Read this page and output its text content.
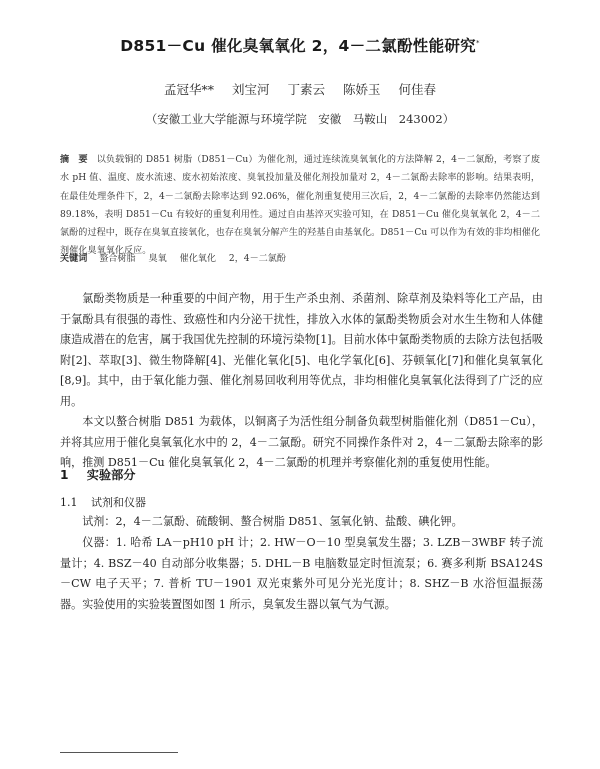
D851－Cu 催化臭氧氧化 2，4－二氯酚性能研究*
孟冠华** 刘宝河 丁素云 陈娇玉 何佳春
（安徽工业大学能源与环境学院　安徽　马鞍山　243002）
摘　要 以负载铜的 D851 树脂（D851－Cu）为催化剂，通过连续流臭氧氧化的方法降解 2，4－二氯酚，考察了废水 pH 值、温度、废水流速、废水初始浓度、臭氧投加量及催化剂投加量对 2，4－二氯酚去除率的影响。结果表明，在最佳处理条件下，2，4－二氯酚去除率达到 92.06%，催化剂重复使用三次后，2，4－二氯酚的去除率仍然能达到 89.18%，表明 D851－Cu 有较好的重复利用性。通过自由基淬灭实验可知，在 D851－Cu 催化臭氧氧化 2，4－二氯酚的过程中，既存在臭氧直接氧化，也存在臭氧分解产生的羟基自由基氧化。D851－Cu 可以作为有效的非均相催化剂催化臭氧氧化反应。
关键词 螯合树脂 臭氧 催化氧化 2，4－二氯酚
氯酚类物质是一种重要的中间产物，用于生产杀虫剂、杀菌剂、除草剂及染料等化工产品，由于氯酚具有很强的毒性、致癌性和内分泌干扰性，排放入水体的氯酚类物质会对水生生物和人体健康造成潜在的危害，属于我国优先控制的环境污染物[1]。目前水体中氯酚类物质的去除方法包括吸附[2]、萃取[3]、微生物降解[4]、光催化氧化[5]、电化学氧化[6]、芬顿氧化[7]和催化臭氧氧化[8,9]。其中，由于氧化能力强、催化剂易回收利用等优点，非均相催化臭氧氧化法得到了广泛的应用。
本文以螯合树脂 D851 为载体，以铜离子为活性组分制备负载型树脂催化剂（D851－Cu），并将其应用于催化臭氧氧化水中的 2，4－二氯酚。研究不同操作条件对 2，4－二氯酚去除率的影响，推测 D851－Cu 催化臭氧氧化 2，4－二氯酚的机理并考察催化剂的重复使用性能。
1 实验部分
1.1 试剂和仪器
试剂：2，4－二氯酚、硫酸铜、螯合树脂 D851、氢氧化钠、盐酸、碘化钾。
仪器：1. 哈希 LA－pH10 pH 计；2. HW－O－10 型臭氧发生器；3. LZB－3WBF 转子流量计；4. BSZ－40 自动部分收集器；5. DHL－B 电脑数显定时恒流泵；6. 赛多利斯 BSA124S－CW 电子天平；7. 普析 TU－1901 双光束紫外可见分光光度计；8. SHZ－B 水浴恒温振荡器。 实验使用的实验装置图如图 1 所示，臭氧发生器以氧气为气源。
